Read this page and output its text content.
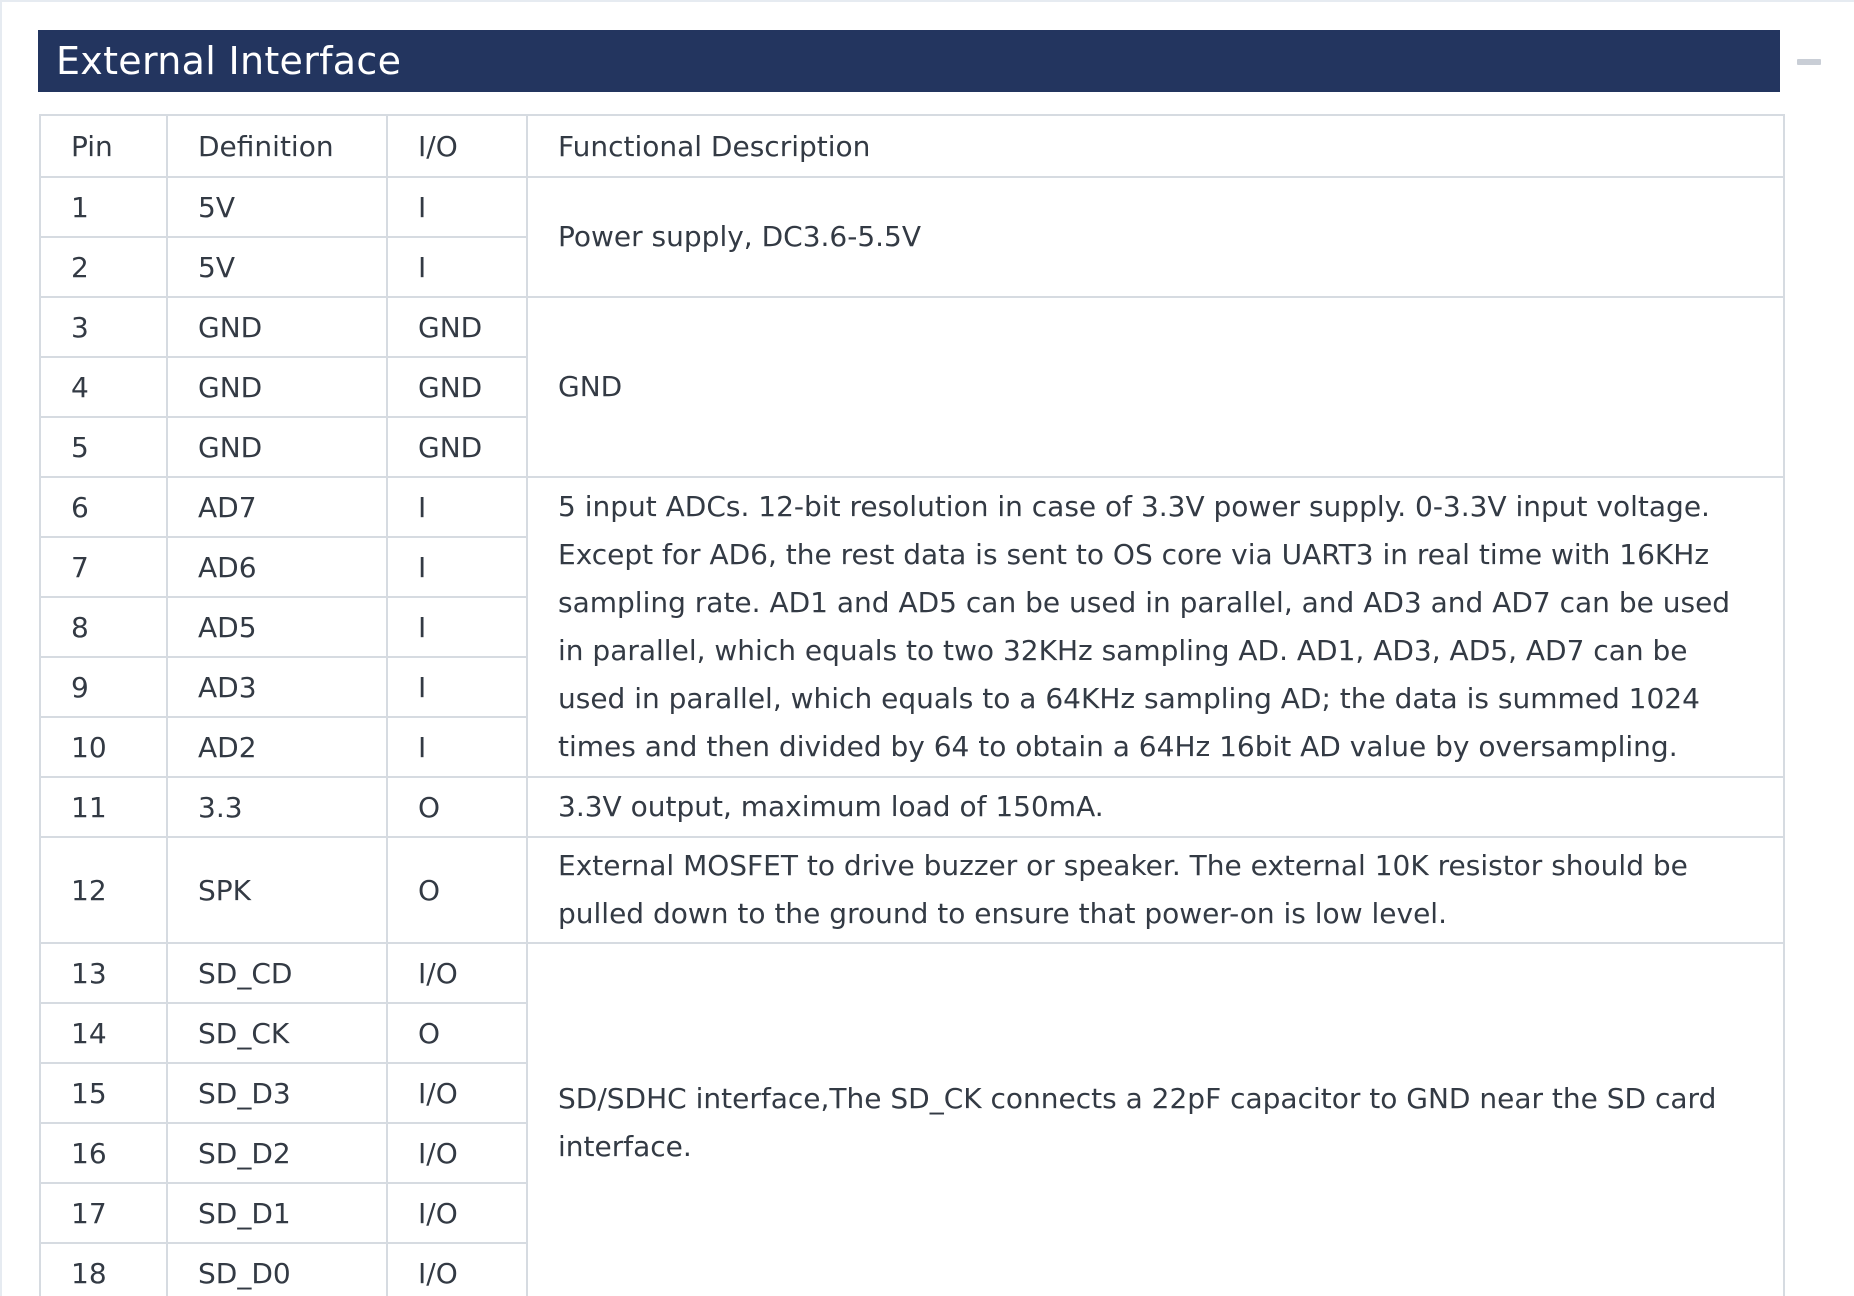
External Interface
Pin	Definition	I/O	Functional Description
1	5V	I	Power supply, DC3.6-5.5V
2	5V	I	
3	GND	GND	GND
4	GND	GND	
5	GND	GND	
6	AD7	I	5 input ADCs. 12-bit resolution in case of 3.3V power supply. 0-3.3V input voltage. Except for AD6, the rest data is sent to OS core via UART3 in real time with 16KHz sampling rate. AD1 and AD5 can be used in parallel, and AD3 and AD7 can be used in parallel, which equals to two 32KHz sampling AD. AD1, AD3, AD5, AD7 can be used in parallel, which equals to a 64KHz sampling AD; the data is summed 1024 times and then divided by 64 to obtain a 64Hz 16bit AD value by oversampling.
7	AD6	I	
8	AD5	I	
9	AD3	I	
10	AD2	I	
11	3.3	O	3.3V output, maximum load of 150mA.
12	SPK	O	External MOSFET to drive buzzer or speaker. The external 10K resistor should be pulled down to the ground to ensure that power-on is low level.
13	SD_CD	I/O	SD/SDHC interface,The SD_CK connects a 22pF capacitor to GND near the SD card interface.
14	SD_CK	O	
15	SD_D3	I/O	
16	SD_D2	I/O	
17	SD_D1	I/O	
18	SD_D0	I/O	
